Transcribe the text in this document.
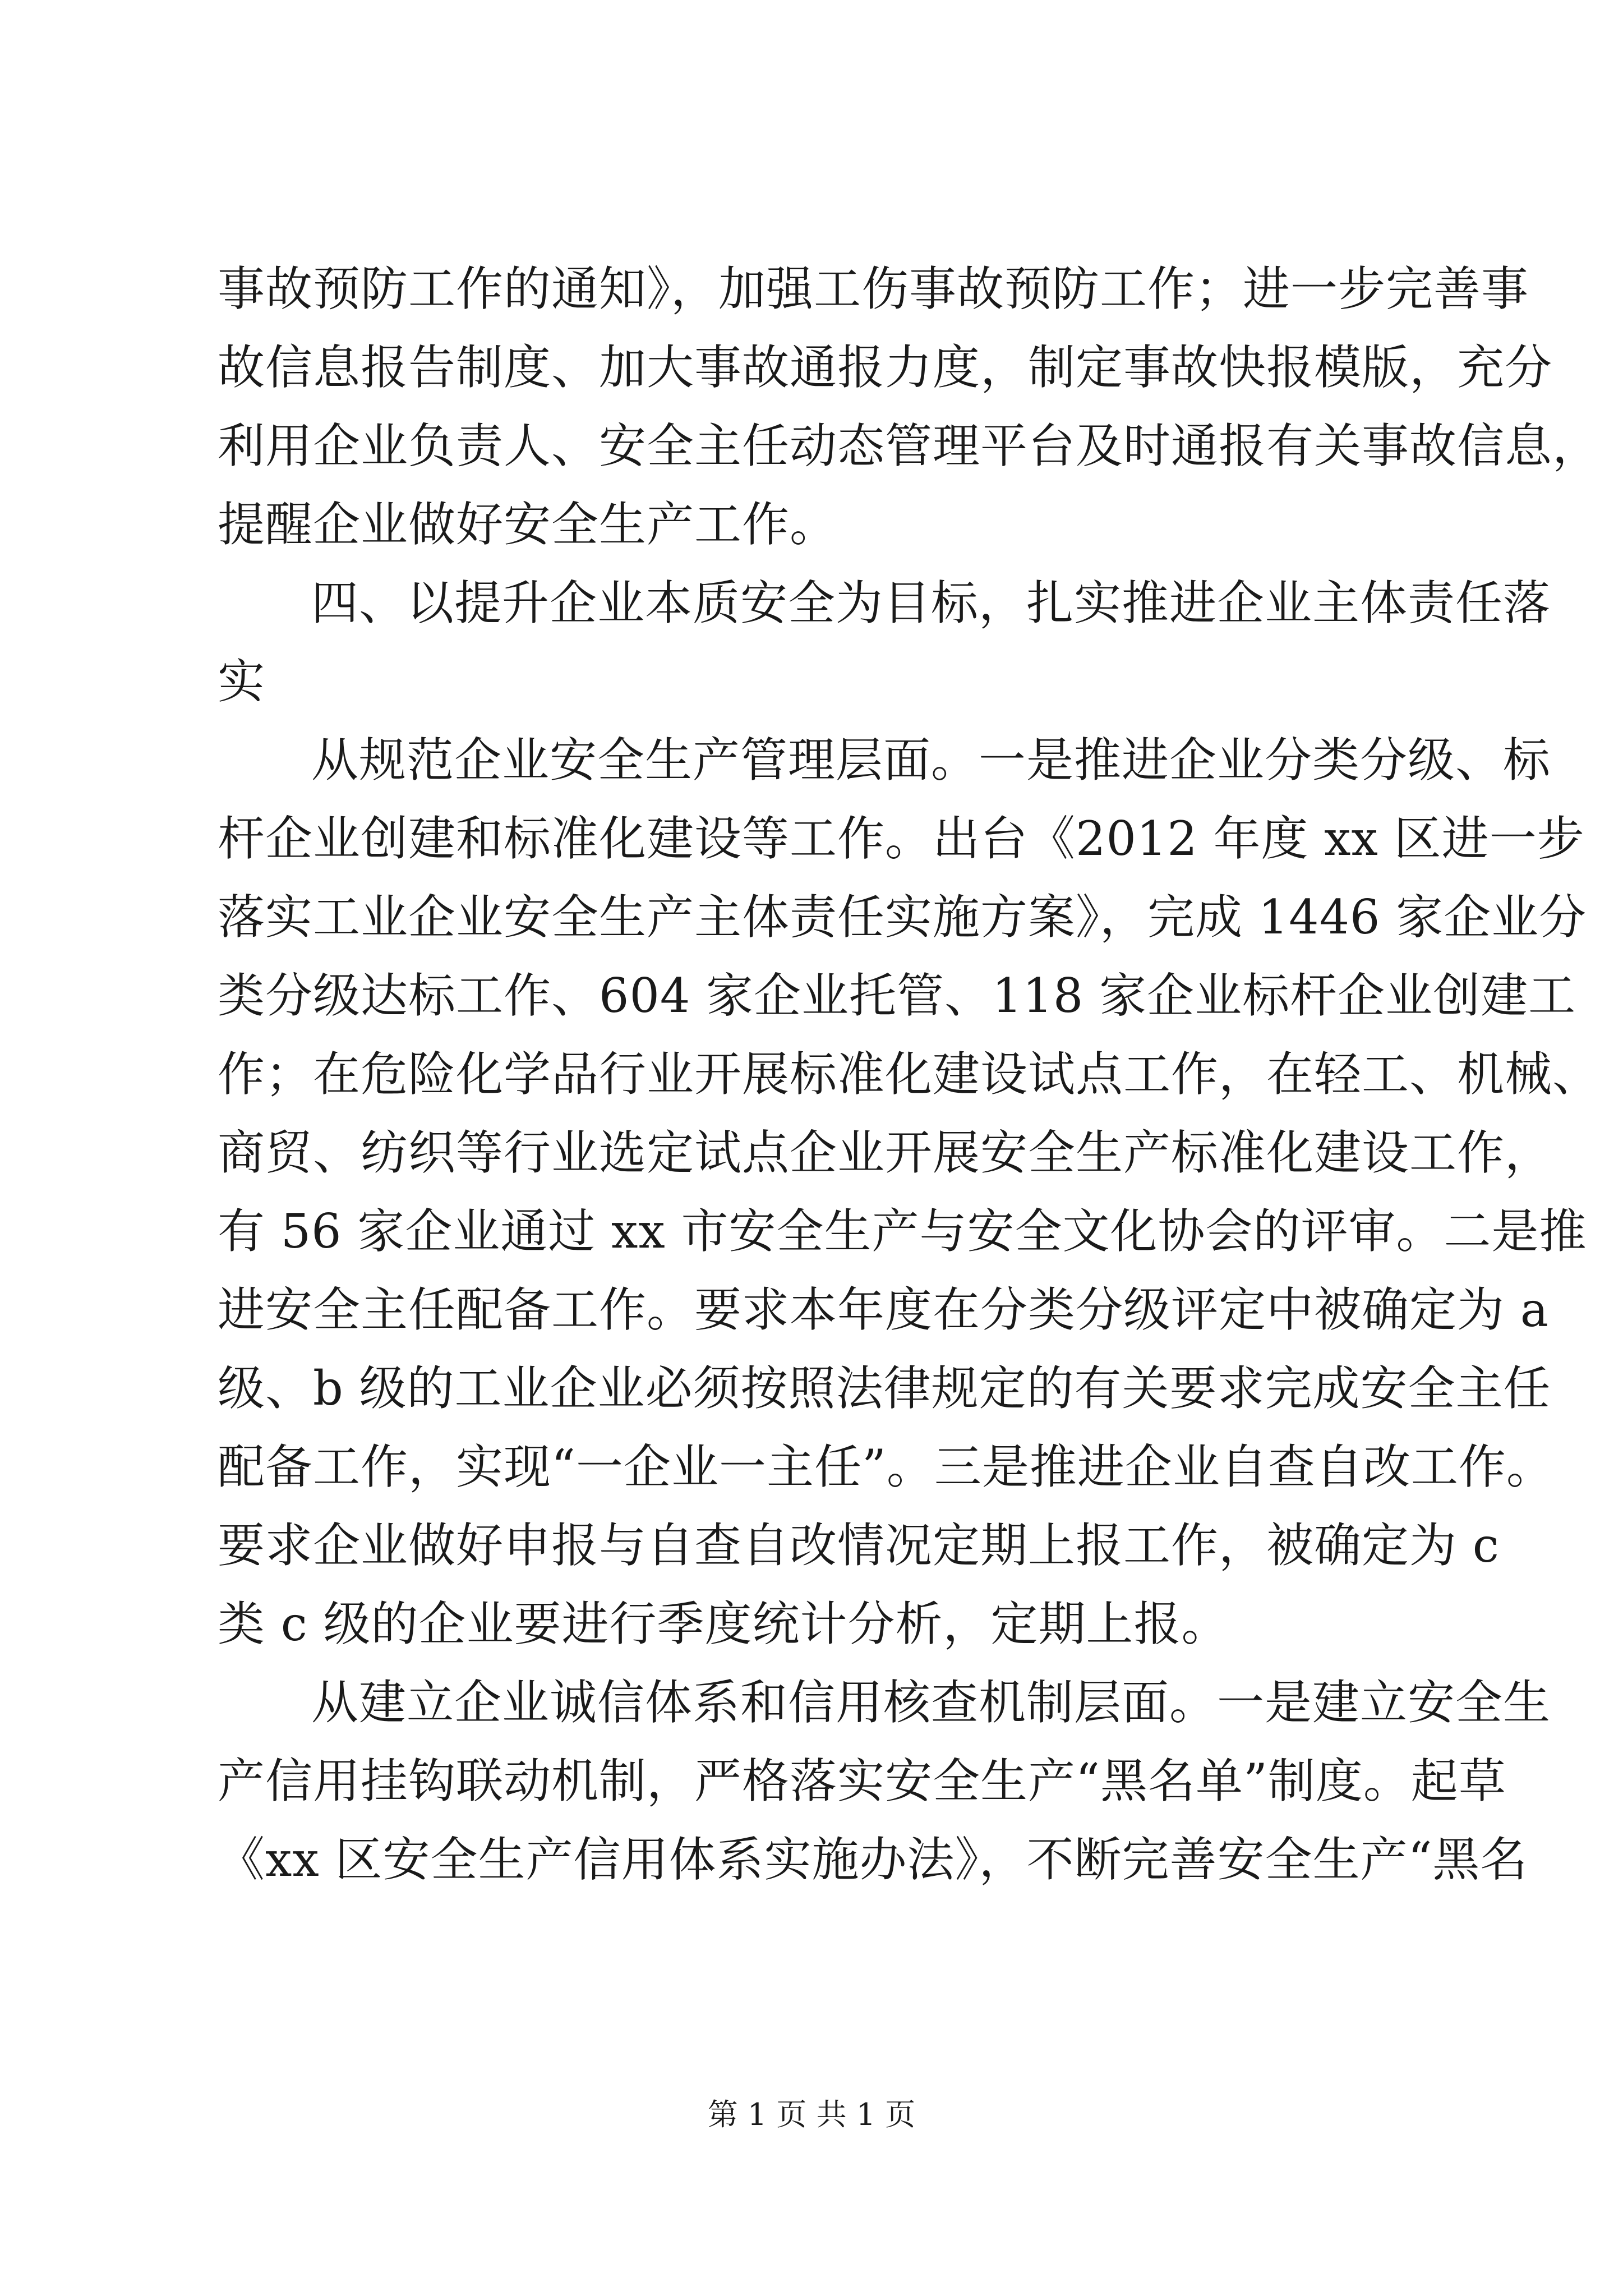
事故预防工作的通知》，加强工伤事故预防工作；进一步完善事
故信息报告制度、加大事故通报力度，制定事故快报模版，充分
利用企业负责人、安全主任动态管理平台及时通报有关事故信息，
提醒企业做好安全生产工作。
四、以提升企业本质安全为目标，扎实推进企业主体责任落
实
从规范企业安全生产管理层面。一是推进企业分类分级、标
杆企业创建和标准化建设等工作。出台《2012 年度 xx 区进一步
落实工业企业安全生产主体责任实施方案》，完成 1446 家企业分
类分级达标工作、604 家企业托管、118 家企业标杆企业创建工
作；在危险化学品行业开展标准化建设试点工作，在轻工、机械、
商贸、纺织等行业选定试点企业开展安全生产标准化建设工作，
有 56 家企业通过 xx 市安全生产与安全文化协会的评审。二是推
进安全主任配备工作。要求本年度在分类分级评定中被确定为 a
级、b 级的工业企业必须按照法律规定的有关要求完成安全主任
配备工作，实现“一企业一主任”。三是推进企业自查自改工作。
要求企业做好申报与自查自改情况定期上报工作，被确定为 c
类 c 级的企业要进行季度统计分析，定期上报。
从建立企业诚信体系和信用核查机制层面。一是建立安全生
产信用挂钩联动机制，严格落实安全生产“黑名单”制度。起草
《xx 区安全生产信用体系实施办法》，不断完善安全生产“黑名
第 1 页 共 1 页
